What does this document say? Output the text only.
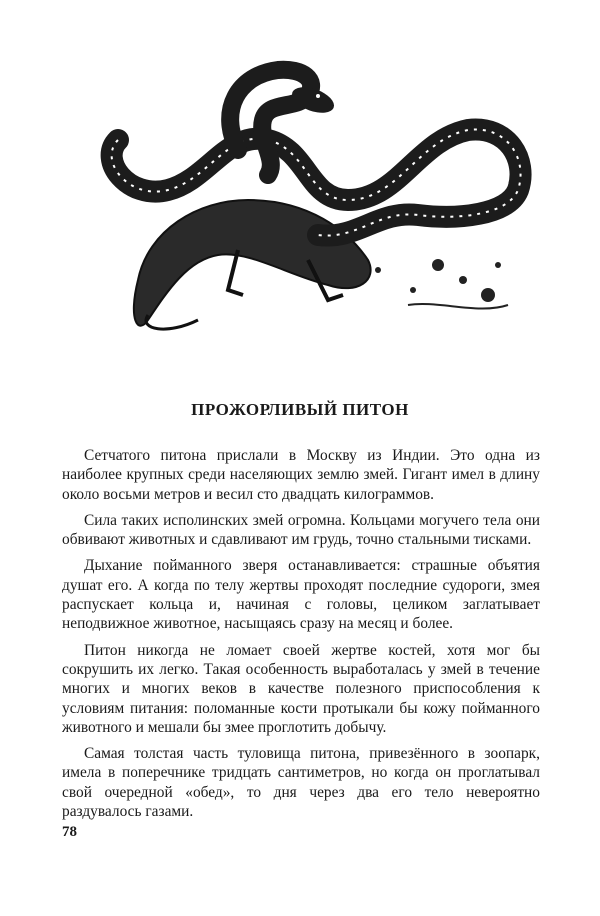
ПРОЖОРЛИВЫЙ ПИТОН

Сетчатого питона прислали в Москву из Индии. Это одна из наиболее крупных среди населяющих землю змей. Гигант имел в длину около восьми метров и весил сто двадцать килограммов.

Сила таких исполинских змей огромна. Кольцами могучего тела они обвивают животных и сдавливают им грудь, точно стальными тисками.

Дыхание пойманного зверя останавливается: страшные объятия душат его. А когда по телу жертвы проходят последние судороги, змея распускает кольца и, начиная с головы, целиком заглатывает неподвижное животное, насыщаясь сразу на месяц и более.

Питон никогда не ломает своей жертве костей, хотя мог бы сокрушить их легко. Такая особенность выработалась у змей в течение многих и многих веков в качестве полезного приспособления к условиям питания: поломанные кости протыкали бы кожу пойманного животного и мешали бы змее проглотить добычу.

Самая толстая часть туловища питона, привезённого в зоопарк, имела в поперечнике тридцать сантиметров, но когда он проглатывал свой очередной «обед», то дня через два его тело невероятно раздувалось газами.

78
